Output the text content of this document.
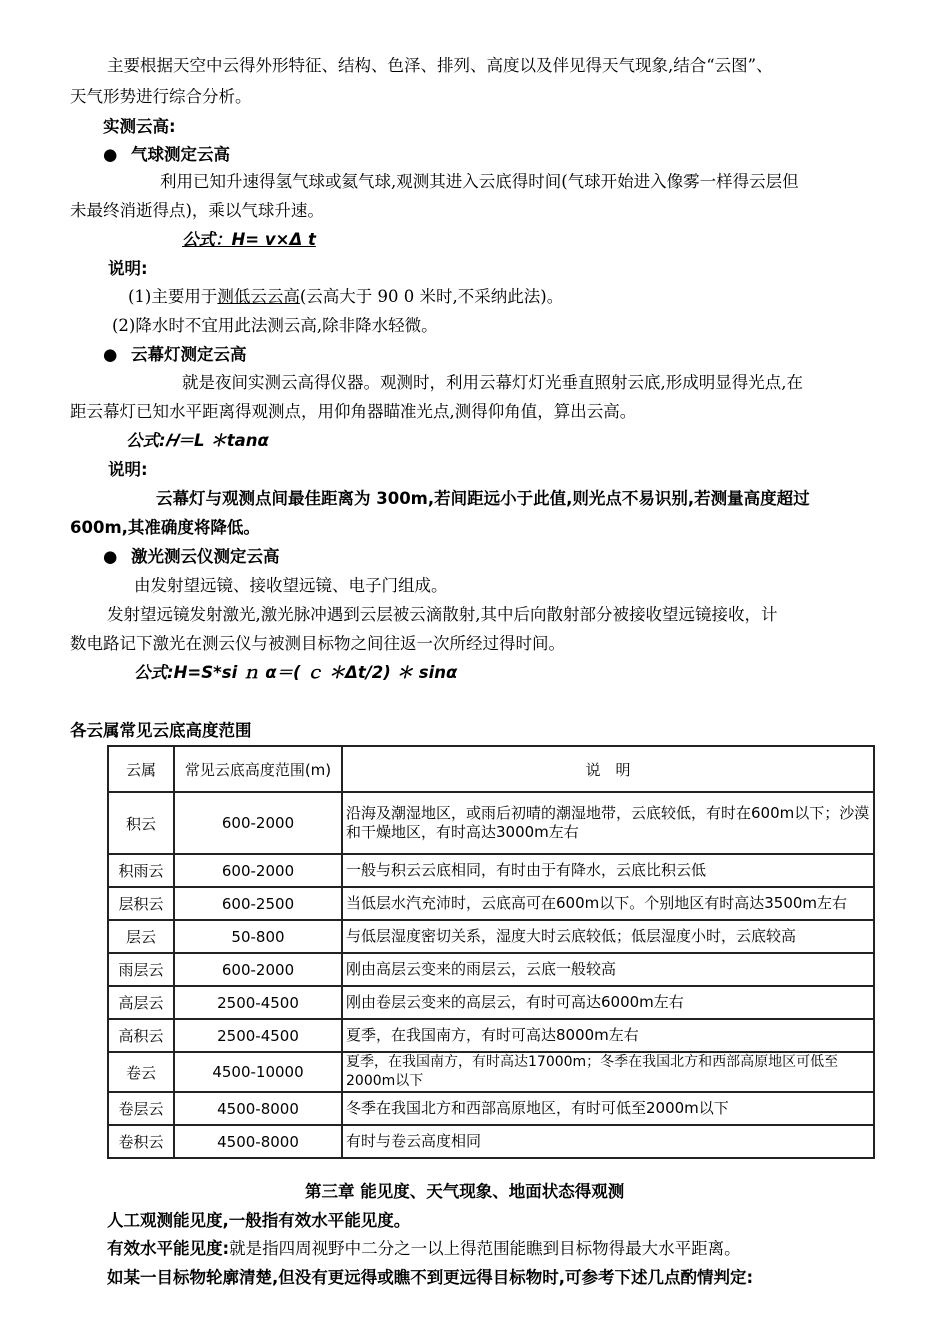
主要根据天空中云得外形特征、结构、色泽、排列、高度以及伴见得天气现象,结合“云图”、
天气形势进行综合分析。
实测云高:
● 气球测定云高
利用已知升速得氢气球或氦气球,观测其进入云底得时间(气球开始进入像雾一样得云层但
未最终消逝得点)，乘以气球升速。
公式：H= v×Δ t
说明:
(1)主要用于测低云云高(云高大于 90 0 米时,不采纳此法)。
(2)降水时不宜用此法测云高,除非降水轻微。
● 云幕灯测定云高
就是夜间实测云高得仪器。观测时，利用云幕灯灯光垂直照射云底,形成明显得光点,在
距云幕灯已知水平距离得观测点，用仰角器瞄准光点,测得仰角值，算出云高。
公式:𝐻＝L ＊tanα
说明:
云幕灯与观测点间最佳距离为 300m,若间距远小于此值,则光点不易识别,若测量高度超过
600m,其准确度将降低。
● 激光测云仪测定云高
由发射望远镜、接收望远镜、电子门组成。
发射望远镜发射激光,激光脉冲遇到云层被云滴散射,其中后向散射部分被接收望远镜接收，计
数电路记下激光在测云仪与被测目标物之间往返一次所经过得时间。
公式:H=S*si ｎ α＝( ｃ ＊Δt/2) ＊ sinα
各云属常见云底高度范围
云属	常见云底高度范围(m)	说　明
积云	600-2000	沿海及潮湿地区，或雨后初晴的潮湿地带，云底较低，有时在600m以下；沙漠和干燥地区，有时高达3000m左右
积雨云	600-2000	一般与积云云底相同，有时由于有降水，云底比积云低
层积云	600-2500	当低层水汽充沛时，云底高可在600m以下。个别地区有时高达3500m左右
层云	50-800	与低层湿度密切关系，湿度大时云底较低；低层湿度小时，云底较高
雨层云	600-2000	刚由高层云变来的雨层云，云底一般较高
高层云	2500-4500	刚由卷层云变来的高层云，有时可高达6000m左右
高积云	2500-4500	夏季，在我国南方，有时可高达8000m左右
卷云	4500-10000	夏季，在我国南方，有时高达17000m；冬季在我国北方和西部高原地区可低至2000m以下
卷层云	4500-8000	冬季在我国北方和西部高原地区，有时可低至2000m以下
卷积云	4500-8000	有时与卷云高度相同
第三章 能见度、天气现象、地面状态得观测
人工观测能见度,一般指有效水平能见度。
有效水平能见度:就是指四周视野中二分之一以上得范围能瞧到目标物得最大水平距离。
如某一目标物轮廓清楚,但没有更远得或瞧不到更远得目标物时,可参考下述几点酌情判定:
